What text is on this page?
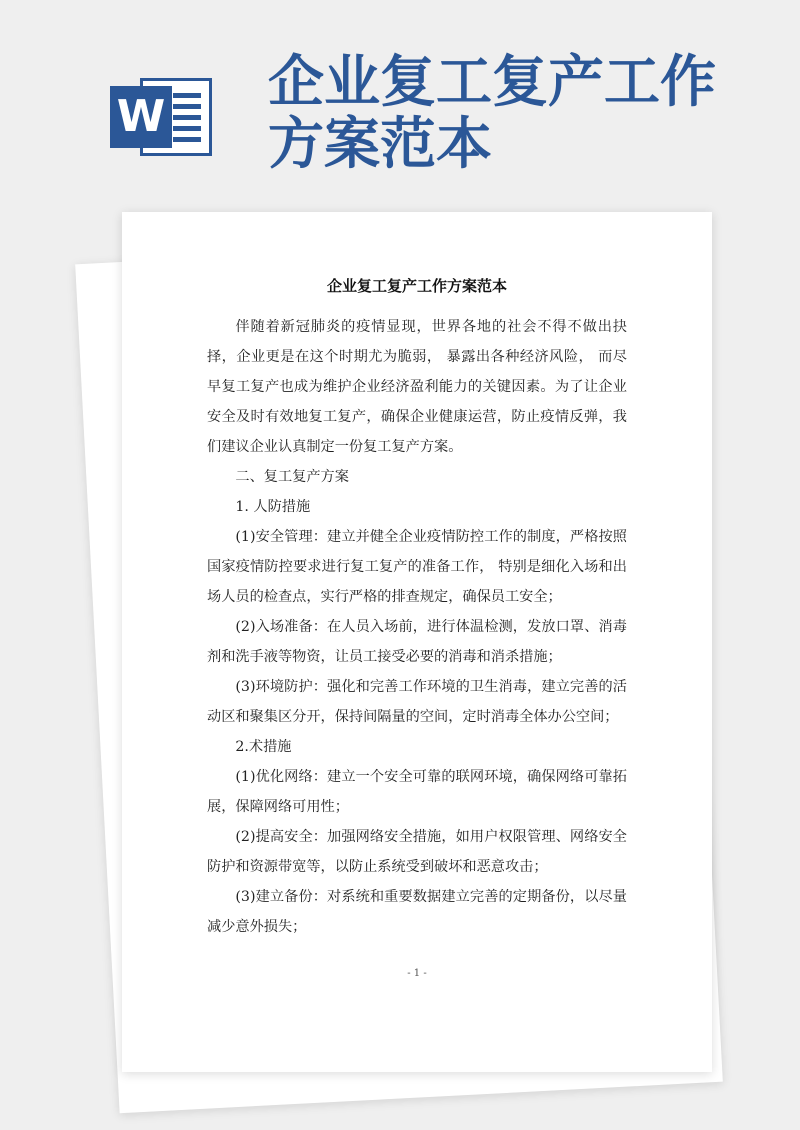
W
企业复工复产工作
方案范本
企业复工复产工作方案范本

伴随着新冠肺炎的疫情显现，世界各地的社会不得不做出抉择，企业更是在这个时期尤为脆弱， 暴露出各种经济风险， 而尽早复工复产也成为维护企业经济盈利能力的关键因素。为了让企业安全及时有效地复工复产，确保企业健康运营，防止疫情反弹，我们建议企业认真制定一份复工复产方案。

二、复工复产方案

1. 人防措施

(1)安全管理：建立并健全企业疫情防控工作的制度，严格按照国家疫情防控要求进行复工复产的准备工作， 特别是细化入场和出场人员的检查点，实行严格的排查规定，确保员工安全；

(2)入场准备：在人员入场前，进行体温检测，发放口罩、消毒剂和洗手液等物资，让员工接受必要的消毒和消杀措施；

(3)环境防护：强化和完善工作环境的卫生消毒，建立完善的活动区和聚集区分开，保持间隔量的空间，定时消毒全体办公空间；

2.术措施

(1)优化网络：建立一个安全可靠的联网环境，确保网络可靠拓展，保障网络可用性；

(2)提高安全：加强网络安全措施，如用户权限管理、网络安全防护和资源带宽等，以防止系统受到破坏和恶意攻击；

(3)建立备份：对系统和重要数据建立完善的定期备份，以尽量减少意外损失；

- 1 -
